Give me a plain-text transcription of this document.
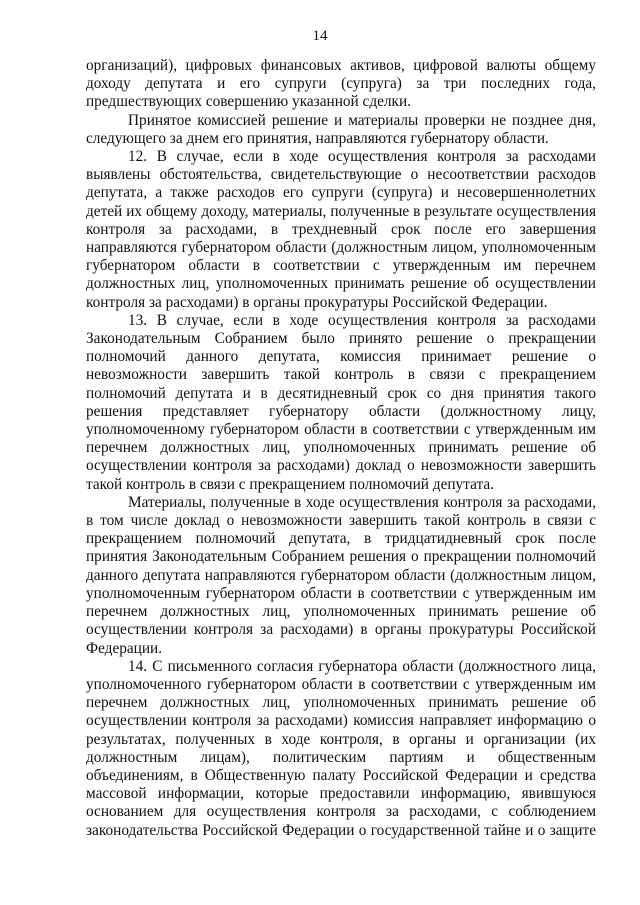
14

организаций), цифровых финансовых активов, цифровой валюты общему доходу депутата и его супруги (супруга) за три последних года, предшествующих совершению указанной сделки.

Принятое комиссией решение и материалы проверки не позднее дня, следующего за днем его принятия, направляются губернатору области.

12. В случае, если в ходе осуществления контроля за расходами выявлены обстоятельства, свидетельствующие о несоответствии расходов депутата, а также расходов его супруги (супруга) и несовершеннолетних детей их общему доходу, материалы, полученные в результате осуществления контроля за расходами, в трехдневный срок после его завершения направляются губернатором области (должностным лицом, уполномоченным губернатором области в соответствии с утвержденным им перечнем должностных лиц, уполномоченных принимать решение об осуществлении контроля за расходами) в органы прокуратуры Российской Федерации.

13. В случае, если в ходе осуществления контроля за расходами Законодательным Собранием было принято решение о прекращении полномочий данного депутата, комиссия принимает решение о невозможности завершить такой контроль в связи с прекращением полномочий депутата и в десятидневный срок со дня принятия такого решения представляет губернатору области (должностному лицу, уполномоченному губернатором области в соответствии с утвержденным им перечнем должностных лиц, уполномоченных принимать решение об осуществлении контроля за расходами) доклад о невозможности завершить такой контроль в связи с прекращением полномочий депутата.

Материалы, полученные в ходе осуществления контроля за расходами, в том числе доклад о невозможности завершить такой контроль в связи с прекращением полномочий депутата, в тридцатидневный срок после принятия Законодательным Собранием решения о прекращении полномочий данного депутата направляются губернатором области (должностным лицом, уполномоченным губернатором области в соответствии с утвержденным им перечнем должностных лиц, уполномоченных принимать решение об осуществлении контроля за расходами) в органы прокуратуры Российской Федерации.

14. С письменного согласия губернатора области (должностного лица, уполномоченного губернатором области в соответствии с утвержденным им перечнем должностных лиц, уполномоченных принимать решение об осуществлении контроля за расходами) комиссия направляет информацию о результатах, полученных в ходе контроля, в органы и организации (их должностным лицам), политическим партиям и общественным объединениям, в Общественную палату Российской Федерации и средства массовой информации, которые предоставили информацию, явившуюся основанием для осуществления контроля за расходами, с соблюдением законодательства Российской Федерации о государственной тайне и о защите
